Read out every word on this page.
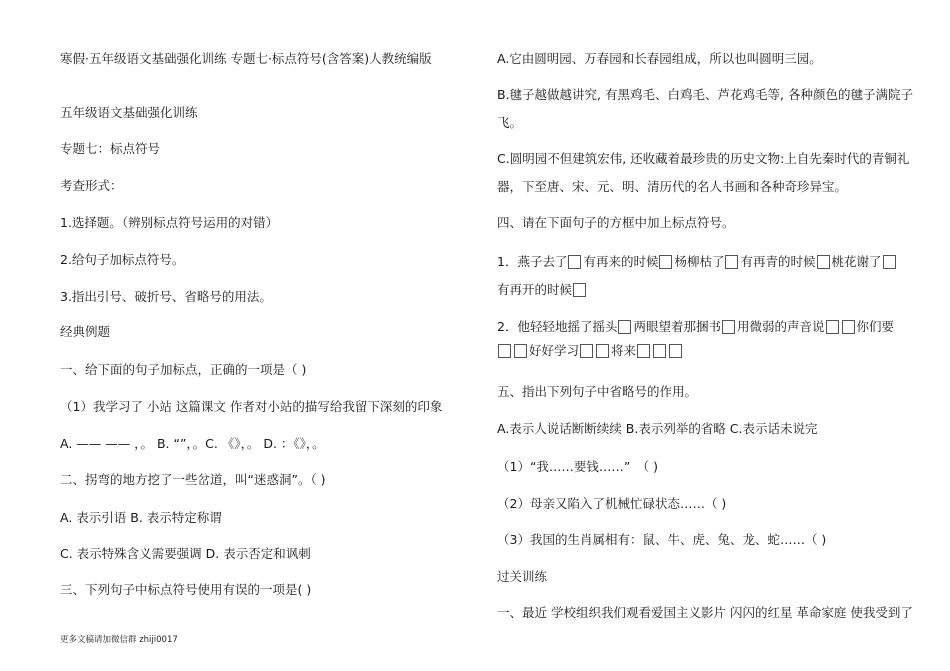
寒假·五年级语文基础强化训练 专题七·标点符号(含答案)人教统编版
五年级语文基础强化训练
专题七：标点符号
考查形式：
1.选择题。（辨别标点符号运用的对错）
2.给句子加标点符号。
3.指出引号、破折号、省略号的用法。
经典例题
一、给下面的句子加标点，正确的一项是（ )
（1）我学习了 小站 这篇课文 作者对小站的描写给我留下深刻的印象
A. —— —— ，。 B. “”，。C. 《》，。 D. ：《》，。
二、拐弯的地方挖了一些岔道，叫“迷惑洞”。（ )
A. 表示引语 B. 表示特定称谓
C. 表示特殊含义需要强调 D. 表示否定和讽刺
三、下列句子中标点符号使用有误的一项是( )
A.它由圆明园、万春园和长春园组成，所以也叫圆明三园。
B.毽子越做越讲究, 有黑鸡毛、白鸡毛、芦花鸡毛等, 各种颜色的毽子满院子
飞。
C.圆明园不但建筑宏伟, 还收藏着最珍贵的历史文物:上自先秦时代的青铜礼
器，下至唐、宋、元、明、清历代的名人书画和各种奇珍异宝。
四、请在下面句子的方框中加上标点符号。
1．燕子去了 有再来的时候 杨柳枯了 有再青的时候 桃花谢了
有再开的时候
2．他轻轻地摇了摇头 两眼望着那捆书 用微弱的声音说	你们要
好好学习	将来
五、指出下列句子中省略号的作用。
A.表示人说话断断续续 B.表示列举的省略 C.表示话未说完
（1）“我……要钱……”　（ )
（2）母亲又陷入了机械忙碌状态……（ )
（3）我国的生肖属相有：鼠、牛、虎、兔、龙、蛇……（ )
过关训练
一、最近 学校组织我们观看爱国主义影片 闪闪的红星 革命家庭 使我受到了
更多文稿请加微信群 zhiji0017
